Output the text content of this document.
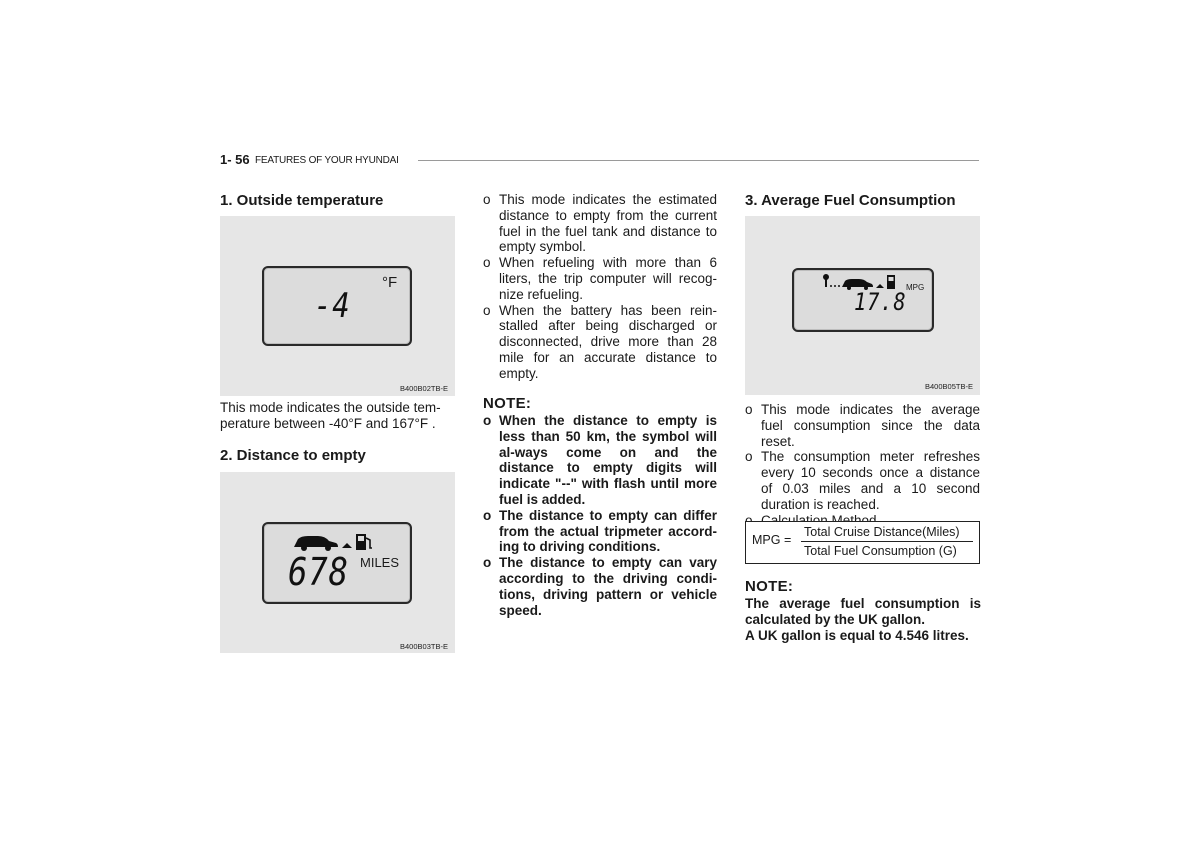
1- 56 FEATURES OF YOUR HYUNDAI
1. Outside temperature
°F
-4
B400B02TB-E

This mode indicates the outside tem-perature between -40°F and 167°F .

2. Distance to empty
678 MILES
B400B03TB-E
o This mode indicates the estimated distance to empty from the current fuel in the fuel tank and distance to empty symbol.
o When refueling with more than 6 liters, the trip computer will recog-nize refueling.
o When the battery has been rein-stalled after being discharged or disconnected, drive more than 28 mile for an accurate distance to empty.
NOTE:
o When the distance to empty is less than 50 km, the symbol will al-ways come on and the distance to empty digits will indicate "--" with flash until more fuel is added.
o The distance to empty can differ from the actual tripmeter accord-ing to driving conditions.
o The distance to empty can vary according to the driving condi-tions, driving pattern or vehicle speed.
3. Average Fuel Consumption
17.8
MPG
B400B05TB-E
o This mode indicates the average fuel consumption since the data reset.
o The consumption meter refreshes every 10 seconds once a distance of 0.03 miles and a 10 second duration is reached.
MPG =
Total Cruise Distance(Miles)
Total Fuel Consumption (G)
NOTE:
The average fuel consumption is calculated by the UK gallon.
A UK gallon is equal to 4.546 litres.
